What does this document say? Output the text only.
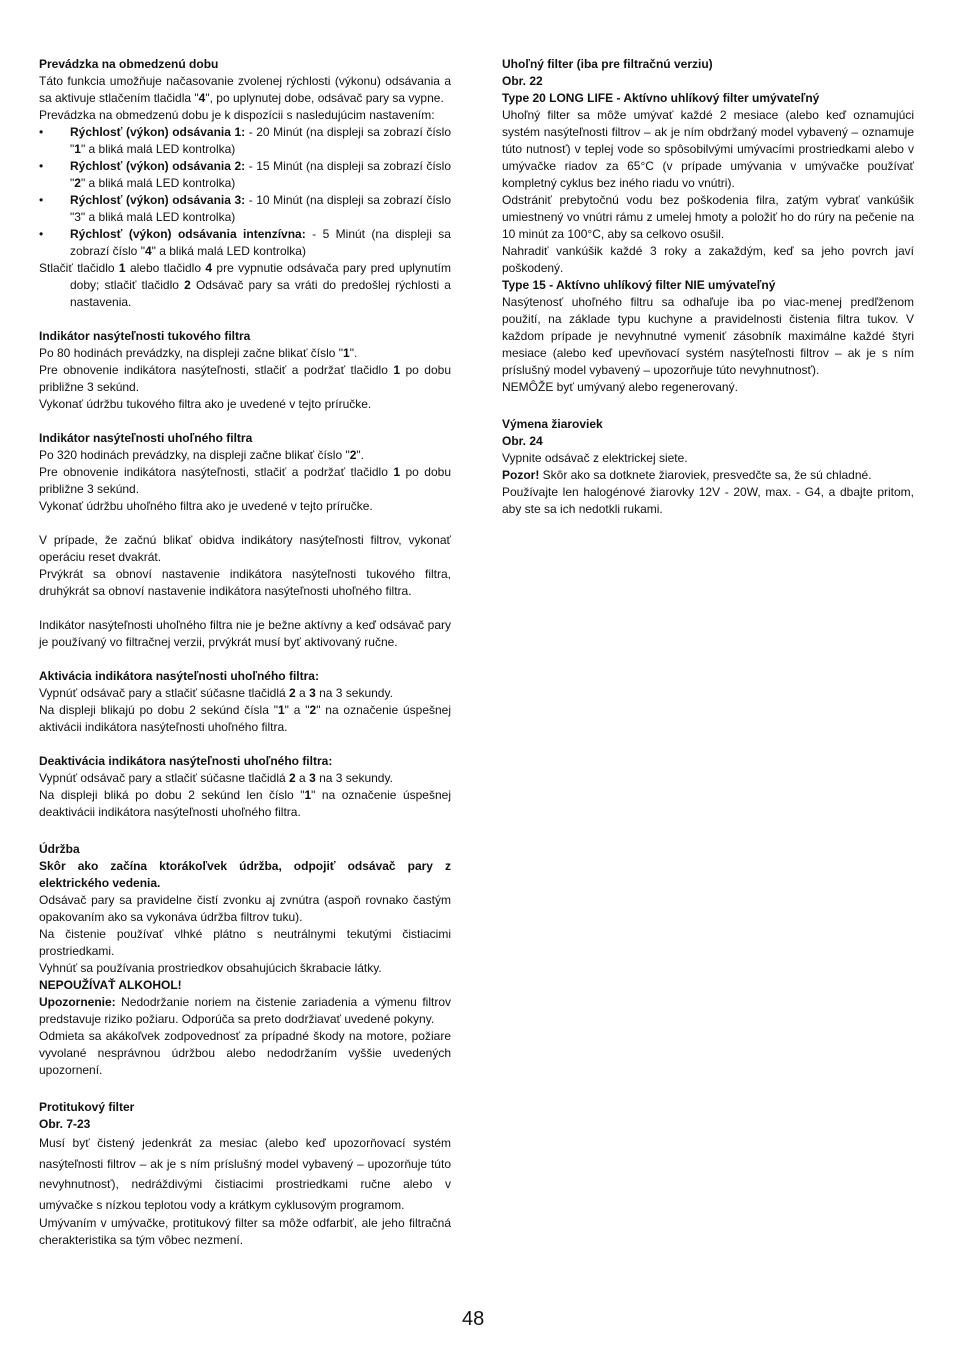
Prevádzka na obmedzenú dobu

Táto funkcia umožňuje načasovanie zvolenej rýchlosti (výkonu) odsávania a sa aktivuje stlačením tlačidla "4", po uplynutej dobe, odsávač pary sa vypne.

Prevádzka na obmedzenú dobu je k dispozícii s nasledujúcim nastavením:

• Rýchlosť (výkon) odsávania 1: - 20 Minút (na displeji sa zobrazí číslo "1" a bliká malá LED kontrolka)
• Rýchlosť (výkon) odsávania 2: - 15 Minút (na displeji sa zobrazí číslo "2" a bliká malá LED kontrolka)
• Rýchlosť (výkon) odsávania 3: - 10 Minút (na displeji sa zobrazí číslo "3" a bliká malá LED kontrolka)
• Rýchlosť (výkon) odsávania intenzívna: - 5 Minút (na displeji sa zobrazí číslo "4" a bliká malá LED kontrolka)

Stlačiť tlačidlo 1 alebo tlačidlo 4 pre vypnutie odsávača pary pred uplynutím doby; stlačiť tlačidlo 2 Odsávač pary sa vráti do predošlej rýchlosti a nastavenia.

Indikátor nasýteľnosti tukového filtra

Po 80 hodinách prevádzky, na displeji začne blikať číslo "1".

Pre obnovenie indikátora nasýteľnosti, stlačiť a podržať tlačidlo 1 po dobu približne 3 sekúnd.

Vykonať údržbu tukového filtra ako je uvedené v tejto príručke.

Indikátor nasýteľnosti uhoľného filtra

Po 320 hodinách prevádzky, na displeji začne blikať číslo "2".

Pre obnovenie indikátora nasýteľnosti, stlačiť a podržať tlačidlo 1 po dobu približne 3 sekúnd.

Vykonať údržbu uhoľného filtra ako je uvedené v tejto príručke.

V prípade, že začnú blikať obidva indikátory nasýteľnosti filtrov, vykonať operáciu reset dvakrát.

Prvýkrát sa obnoví nastavenie indikátora nasýteľnosti tukového filtra, druhýkrát sa obnoví nastavenie indikátora nasýteľnosti uhoľného filtra.

Indikátor nasýteľnosti uhoľného filtra nie je bežne aktívny a keď odsávač pary je používaný vo filtračnej verzii, prvýkrát musí byť aktivovaný ručne.

Aktivácia indikátora nasýteľnosti uhoľného filtra:

Vypnúť odsávač pary a stlačiť súčasne tlačidlá 2 a 3 na 3 sekundy.

Na displeji blikajú po dobu 2 sekúnd čísla "1" a "2" na označenie úspešnej aktivácii indikátora nasýteľnosti uhoľného filtra.

Deaktivácia indikátora nasýteľnosti uhoľného filtra:

Vypnúť odsávač pary a stlačiť súčasne tlačidlá 2 a 3 na 3 sekundy.

Na displeji bliká po dobu 2 sekúnd len číslo "1" na označenie úspešnej deaktivácii indikátora nasýteľnosti uhoľného filtra.

Údržba

Skôr ako začína ktorákoľvek údržba, odpojiť odsávač pary z elektrického vedenia.

Odsávač pary sa pravidelne čistí zvonku aj zvnútra (aspoň rovnako častým opakovaním ako sa vykonáva údržba filtrov tuku).

Na čistenie používať vlhké plátno s neutrálnymi tekutými čistiacimi prostriedkami.

Vyhnúť sa používania prostriedkov obsahujúcich škrabacie látky.

NEPOUŽÍVAŤ ALKOHOL!

Upozornenie: Nedodržanie noriem na čistenie zariadenia a výmenu filtrov predstavuje riziko požiaru. Odporúča sa preto dodržiavať uvedené pokyny.

Odmieta sa akákoľvek zodpovednosť za prípadné škody na motore, požiare vyvolané nesprávnou údržbou alebo nedodržaním vyššie uvedených upozornení.

Protitukový filter

Obr. 7-23

Musí byť čistený jedenkrát za mesiac (alebo keď upozorňovací systém nasýteľnosti filtrov – ak je s ním príslušný model vybavený – upozorňuje túto nevyhnutnosť), nedráždivými čistiacimi prostriedkami ručne alebo v umývačke s nízkou teplotou vody a krátkym cyklusovým programom.

Umývaním v umývačke, protitukový filter sa môže odfarbiť, ale jeho filtračná cherakteristika sa tým vôbec nezmení.

Uhoľný filter (iba pre filtračnú verziu)

Obr. 22

Type 20 LONG LIFE - Aktívno uhlíkový filter umývateľný

Uhoľný filter sa môže umývať každé 2 mesiace (alebo keď oznamujúci systém nasýteľnosti filtrov – ak je ním obdržaný model vybavený – oznamuje túto nutnosť) v teplej vode so spôsobilvými umývacími prostriedkami alebo v umývačke riadov za 65°C (v prípade umývania v umývačke používať kompletný cyklus bez iného riadu vo vnútri).

Odstrániť prebytočnú vodu bez poškodenia filra, zatým vybrať vankúšik umiestnený vo vnútri rámu z umelej hmoty a položiť ho do rúry na pečenie na 10 minút za 100°C, aby sa celkovo osušil.

Nahradiť vankúšik každé 3 roky a zakaždým, keď sa jeho povrch javí poškodený.

Type 15 - Aktívno uhlíkový filter NIE umývateľný

Nasýtenosť uhoľného filtru sa odhaľuje iba po viac-menej predľženom použití, na základe typu kuchyne a pravidelnosti čistenia filtra tukov. V každom prípade je nevyhnutné vymeniť zásobník maximálne každé štyri mesiace (alebo keď upevňovací systém nasýteľnosti filtrov – ak je s ním príslušný model vybavený – upozorňuje túto nevyhnutnosť).

NEMÔŽE byť umývaný alebo regenerovaný.

Výmena žiaroviek

Obr. 24

Vypnite odsávač z elektrickej siete.

Pozor! Skôr ako sa dotknete žiaroviek, presvedčte sa, že sú chladné.

Používajte len halogénové žiarovky 12V - 20W, max. - G4, a dbajte pritom, aby ste sa ich nedotkli rukami.

48
